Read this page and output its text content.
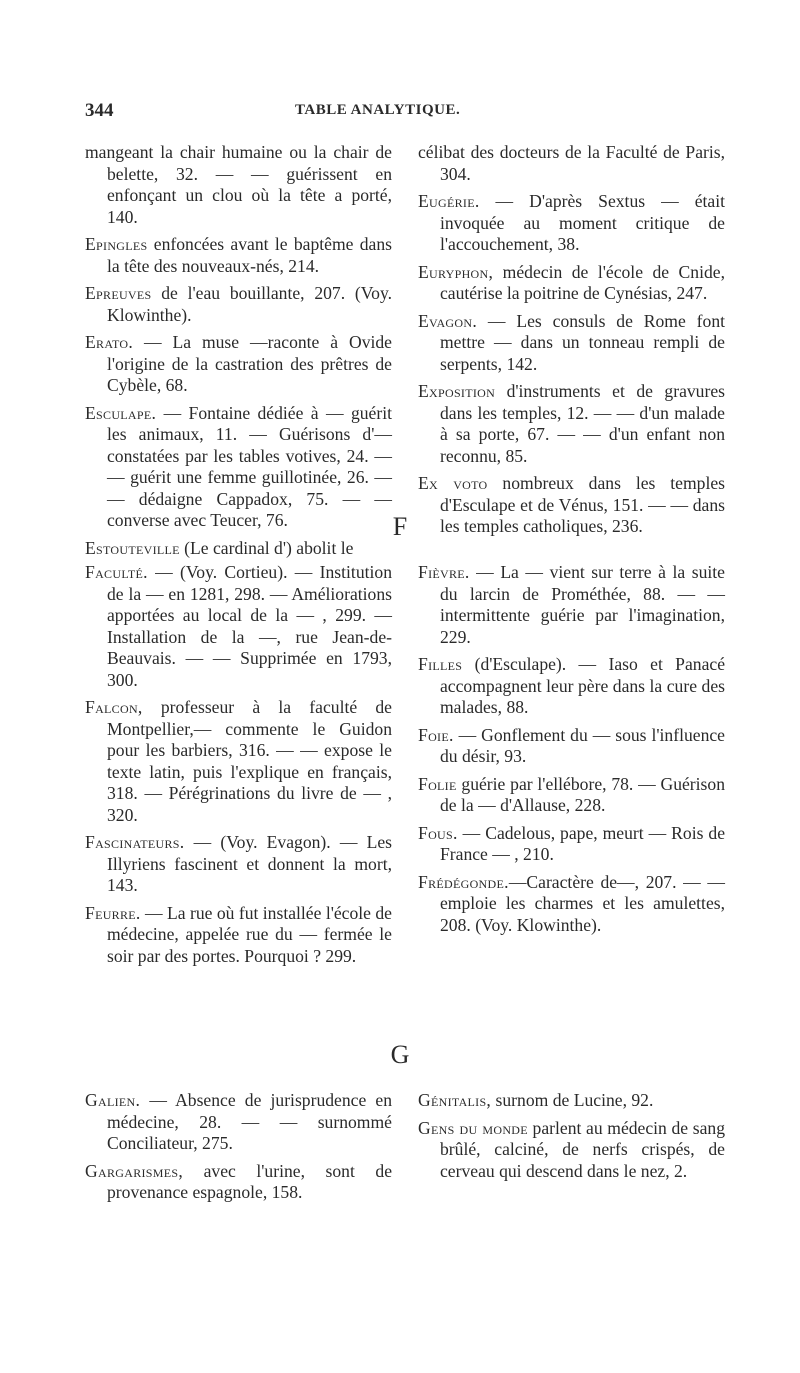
344	TABLE ANALYTIQUE.

mangeant la chair humaine ou la chair de belette, 32. — — guérissent en enfonçant un clou où la tête a porté, 140.

Epingles enfoncées avant le baptême dans la tête des nouveaux-nés, 214.

Epreuves de l'eau bouillante, 207. (Voy. Klowinthe).

Erato. — La muse —raconte à Ovide l'origine de la castration des prêtres de Cybèle, 68.

Esculape. — Fontaine dédiée à — guérit les animaux, 11. — Guérisons d'—constatées par les tables votives, 24. — — guérit une femme guillotinée, 26. — — dédaigne Cappadox, 75. — — converse avec Teucer, 76.

Estouteville (Le cardinal d') abolit le

célibat des docteurs de la Faculté de Paris, 304.

Eugérie. — D'après Sextus — était invoquée au moment critique de l'accouchement, 38.

Euryphon, médecin de l'école de Cnide, cautérise la poitrine de Cynésias, 247.

Evagon. — Les consuls de Rome font mettre — dans un tonneau rempli de serpents, 142.

Exposition d'instruments et de gravures dans les temples, 12. — — d'un malade à sa porte, 67. — — d'un enfant non reconnu, 85.

Ex voto nombreux dans les temples d'Esculape et de Vénus, 151. — — dans les temples catholiques, 236.

F

Faculté. — (Voy. Cortieu). — Institution de la — en 1281, 298. — Améliorations apportées au local de la — , 299. — Installation de la —, rue Jean-de-Beauvais. — — Supprimée en 1793, 300.

Falcon, professeur à la faculté de Montpellier,— commente le Guidon pour les barbiers, 316. — — expose le texte latin, puis l'explique en français, 318. — Pérégrinations du livre de — , 320.

Fascinateurs. — (Voy. Evagon). — Les Illyriens fascinent et donnent la mort, 143.

Feurre. — La rue où fut installée l'école de médecine, appelée rue du — fermée le soir par des portes. Pourquoi ? 299.

Fièvre. — La — vient sur terre à la suite du larcin de Prométhée, 88. — — intermittente guérie par l'imagination, 229.

Filles (d'Esculape). — Iaso et Panacé accompagnent leur père dans la cure des malades, 88.

Foie. — Gonflement du — sous l'influence du désir, 93.

Folie guérie par l'ellébore, 78. — Guérison de la — d'Allause, 228.

Fous. — Cadelous, pape, meurt — Rois de France — , 210.

Frédégonde.—Caractère de—, 207. — — emploie les charmes et les amulettes, 208. (Voy. Klowinthe).

G

Galien. — Absence de jurisprudence en médecine, 28. — — surnommé Conciliateur, 275.

Gargarismes, avec l'urine, sont de provenance espagnole, 158.

Génitalis, surnom de Lucine, 92.

Gens du monde parlent au médecin de sang brûlé, calciné, de nerfs crispés, de cerveau qui descend dans le nez, 2.
